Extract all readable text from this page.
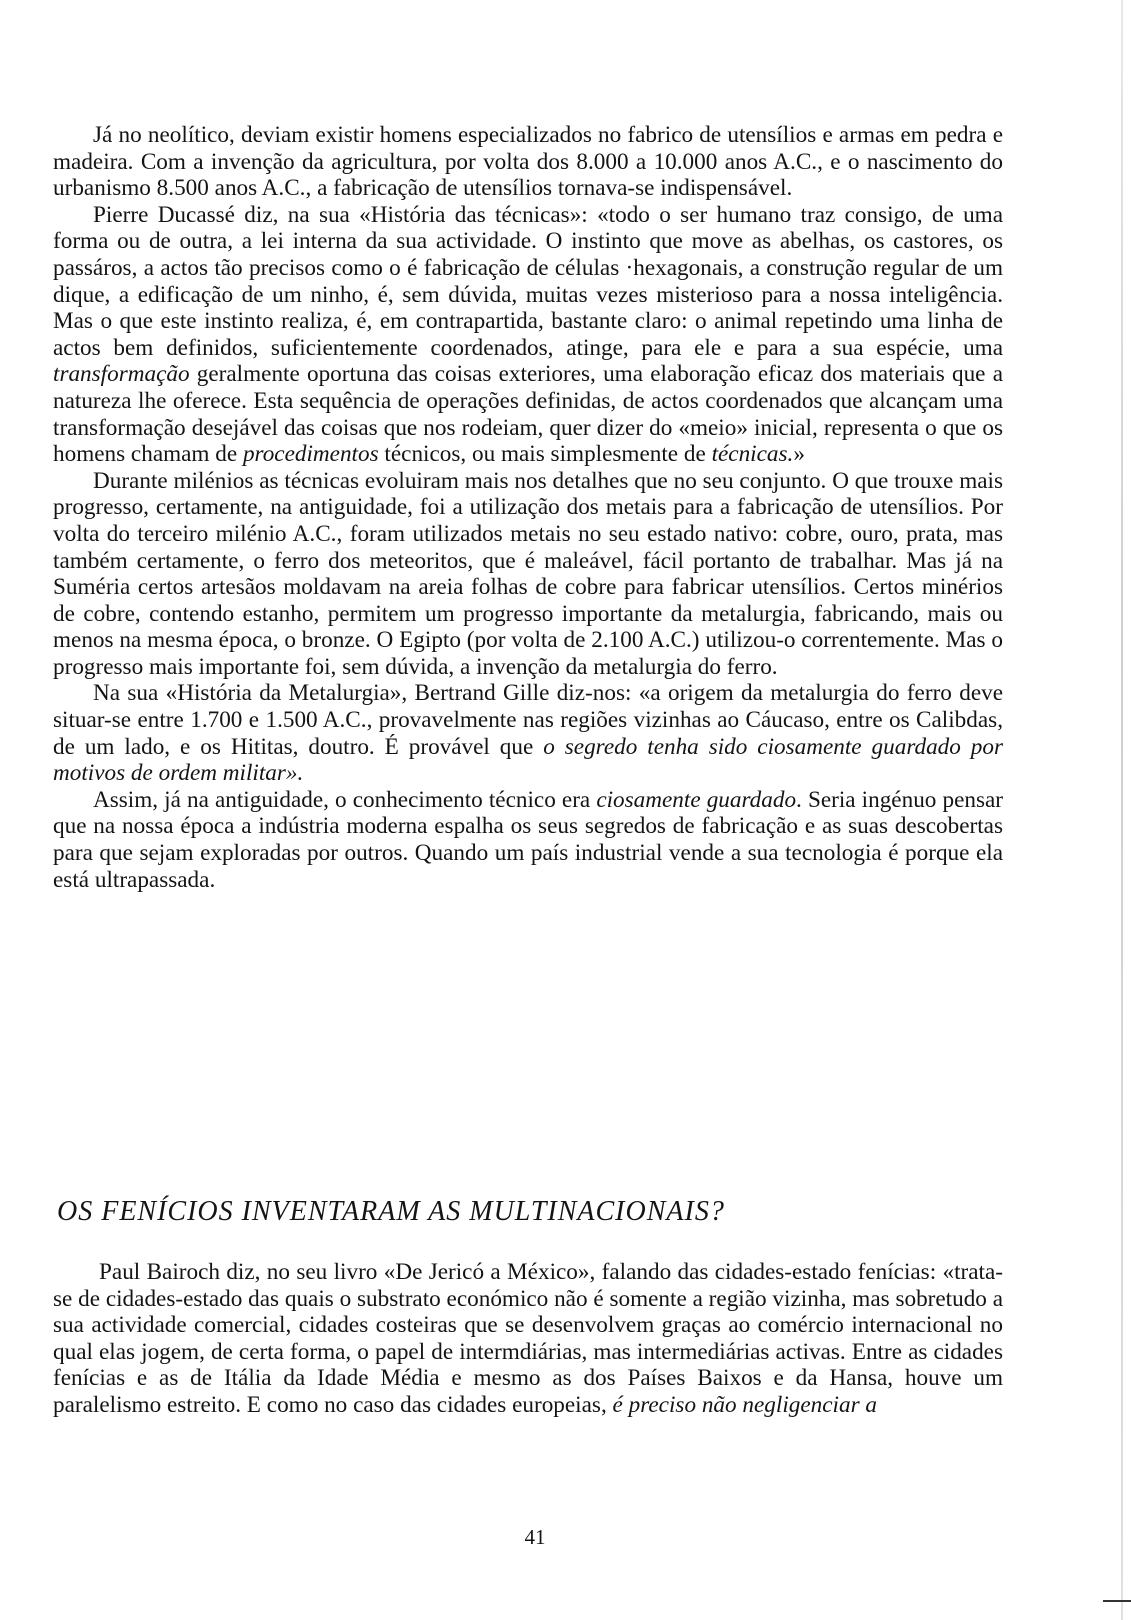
Já no neolítico, deviam existir homens especializados no fabrico de utensílios e armas em pedra e madeira. Com a invenção da agricultura, por volta dos 8.000 a 10.000 anos A.C., e o nascimento do urbanismo 8.500 anos A.C., a fabricação de utensílios tornava-se indispensável.

Pierre Ducassé diz, na sua «História das técnicas»: «todo o ser humano traz consigo, de uma forma ou de outra, a lei interna da sua actividade. O instinto que move as abelhas, os castores, os passáros, a actos tão precisos como o é fabricação de células ·hexagonais, a construção regular de um dique, a edificação de um ninho, é, sem dúvida, muitas vezes misterioso para a nossa inteligência. Mas o que este instinto realiza, é, em contrapartida, bastante claro: o animal repetindo uma linha de actos bem definidos, suficientemente coordenados, atinge, para ele e para a sua espécie, uma transformação geralmente oportuna das coisas exteriores, uma elaboração eficaz dos materiais que a natureza lhe oferece. Esta sequência de operações definidas, de actos coordenados que alcançam uma transformação desejável das coisas que nos rodeiam, quer dizer do «meio» inicial, representa o que os homens chamam de procedimentos técnicos, ou mais simplesmente de técnicas.»

Durante milénios as técnicas evoluiram mais nos detalhes que no seu conjunto. O que trouxe mais progresso, certamente, na antiguidade, foi a utilização dos metais para a fabricação de utensílios. Por volta do terceiro milénio A.C., foram utilizados metais no seu estado nativo: cobre, ouro, prata, mas também certamente, o ferro dos meteoritos, que é maleável, fácil portanto de trabalhar. Mas já na Suméria certos artesãos moldavam na areia folhas de cobre para fabricar utensílios. Certos minérios de cobre, contendo estanho, permitem um progresso importante da metalurgia, fabricando, mais ou menos na mesma época, o bronze. O Egipto (por volta de 2.100 A.C.) utilizou-o correntemente. Mas o progresso mais importante foi, sem dúvida, a invenção da metalurgia do ferro.

Na sua «História da Metalurgia», Bertrand Gille diz-nos: «a origem da metalurgia do ferro deve situar-se entre 1.700 e 1.500 A.C., provavelmente nas regiões vizinhas ao Cáucaso, entre os Calibdas, de um lado, e os Hititas, doutro. É provável que o segredo tenha sido ciosamente guardado por motivos de ordem militar».

Assim, já na antiguidade, o conhecimento técnico era ciosamente guardado. Seria ingénuo pensar que na nossa época a indústria moderna espalha os seus segredos de fabricação e as suas descobertas para que sejam exploradas por outros. Quando um país industrial vende a sua tecnologia é porque ela está ultrapassada.

OS FENÍCIOS INVENTARAM AS MULTINACIONAIS?

Paul Bairoch diz, no seu livro «De Jericó a México», falando das cidades-estado fenícias: «trata-se de cidades-estado das quais o substrato económico não é somente a região vizinha, mas sobretudo a sua actividade comercial, cidades costeiras que se desenvolvem graças ao comércio internacional no qual elas jogem, de certa forma, o papel de intermdiárias, mas intermediárias activas. Entre as cidades fenícias e as de Itália da Idade Média e mesmo as dos Países Baixos e da Hansa, houve um paralelismo estreito. E como no caso das cidades europeias, é preciso não negligenciar a

41
